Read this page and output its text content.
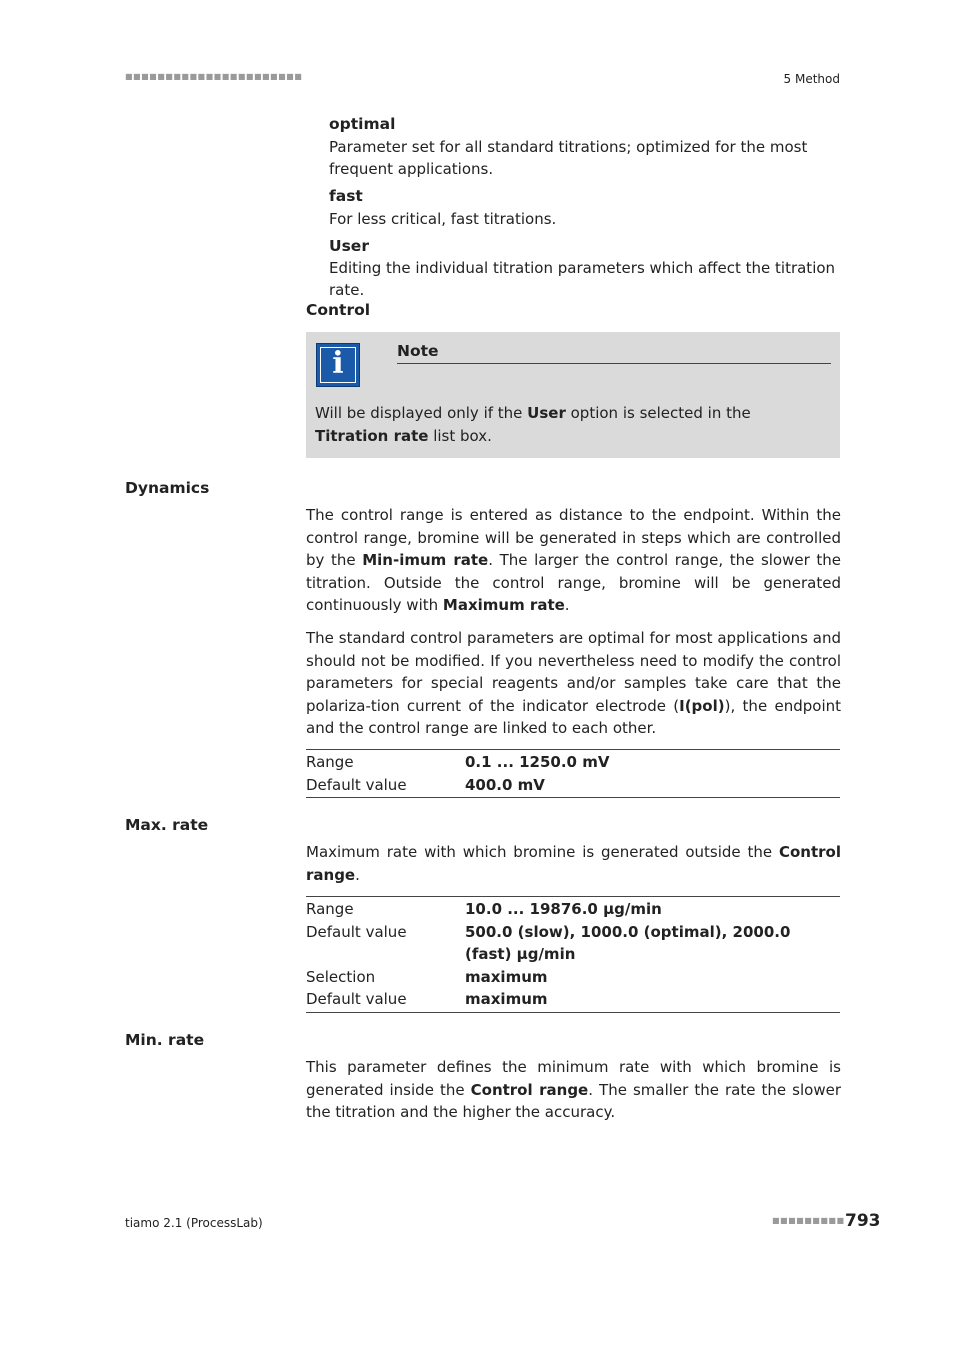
■■■■■■■■■■■■■■■■■■■■■■	5 Method
optimal
Parameter set for all standard titrations; optimized for the most frequent applications.
fast
For less critical, fast titrations.
User
Editing the individual titration parameters which affect the titration rate.
Control
i	Note
Will be displayed only if the User option is selected in the Titration rate list box.
Dynamics
The control range is entered as distance to the endpoint. Within the control range, bromine will be generated in steps which are controlled by the Min-imum rate. The larger the control range, the slower the titration. Outside the control range, bromine will be generated continuously with Maximum rate.
The standard control parameters are optimal for most applications and should not be modified. If you nevertheless need to modify the control parameters for special reagents and/or samples take care that the polariza-tion current of the indicator electrode (I(pol)), the endpoint and the control range are linked to each other.
Range	0.1 ... 1250.0 mV
Default value	400.0 mV
Max. rate
Maximum rate with which bromine is generated outside the Control range.
Range	10.0 ... 19876.0 µg/min
Default value	500.0 (slow), 1000.0 (optimal), 2000.0 (fast) µg/min
Selection	maximum
Default value	maximum
Min. rate
This parameter defines the minimum rate with which bromine is generated inside the Control range. The smaller the rate the slower the titration and the higher the accuracy.
tiamo 2.1 (ProcessLab)	■■■■■■■■■ 793
